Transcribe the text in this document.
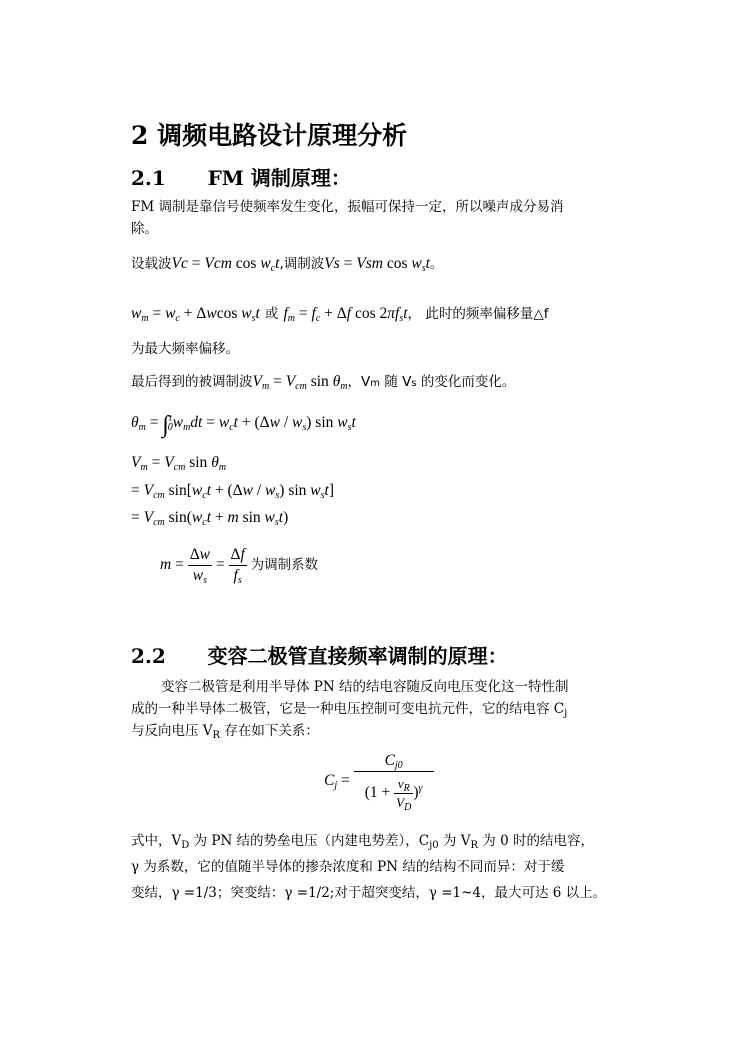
2 调频电路设计原理分析
2.1      FM 调制原理：
FM 调制是靠信号使频率发生变化，振幅可保持一定，所以噪声成分易消
除。
设载波Vc = Vcm $\cos w_ct$,调制波Vs = Vsm $\cos w_st$。
$w_m = w_c + \Delta wcos$ $w_st$ 或 $f_m = f_c + \Delta f$ $\cos 2\pi f_st$， 此时的频率偏移量△f
为最大频率偏移。
最后得到的被调制波$V_m = V_{cm}$ $\sin \theta_m$，Vm 随 Vs 的变化而变化。
$\theta_m = \int^t_0w_mdt = w_ct + (\Delta w / w_s)$ $\sin w_st$
$V_m = V_{cm}$ $\sin \theta_m$
= $V_{cm}$ $\sin[w_ct + (\Delta w / w_s)$ $\sin w_st$]
= $V_{cm}$ $\sin(w_ct + m$ $\sin w_st$)
$m = \frac{\Delta w}{w_s} = \frac{\Delta f}{f_s}$ 为调制系数
2.2      变容二极管直接频率调制的原理：
变容二极管是利用半导体 PN 结的结电容随反向电压变化这一特性制
成的一种半导体二极管，它是一种电压控制可变电抗元件，它的结电容 $C_j$
与反向电压 $V_R$ 存在如下关系：
$C_j = \frac{C_{j0}}{(1 + \frac{v_R}{V_D} )^\gamma}$
式中，$V_D$ 为 PN 结的势垒电压（内建电势差），$C_{j0}$ 为 $V_R$ 为 0 时的结电容，
γ 为系数，它的值随半导体的掺杂浓度和 PN 结的结构不同而异：对于缓
变结，γ =1/3；突变结：γ =1/2;对于超突变结，γ =1~4，最大可达 6 以上。
